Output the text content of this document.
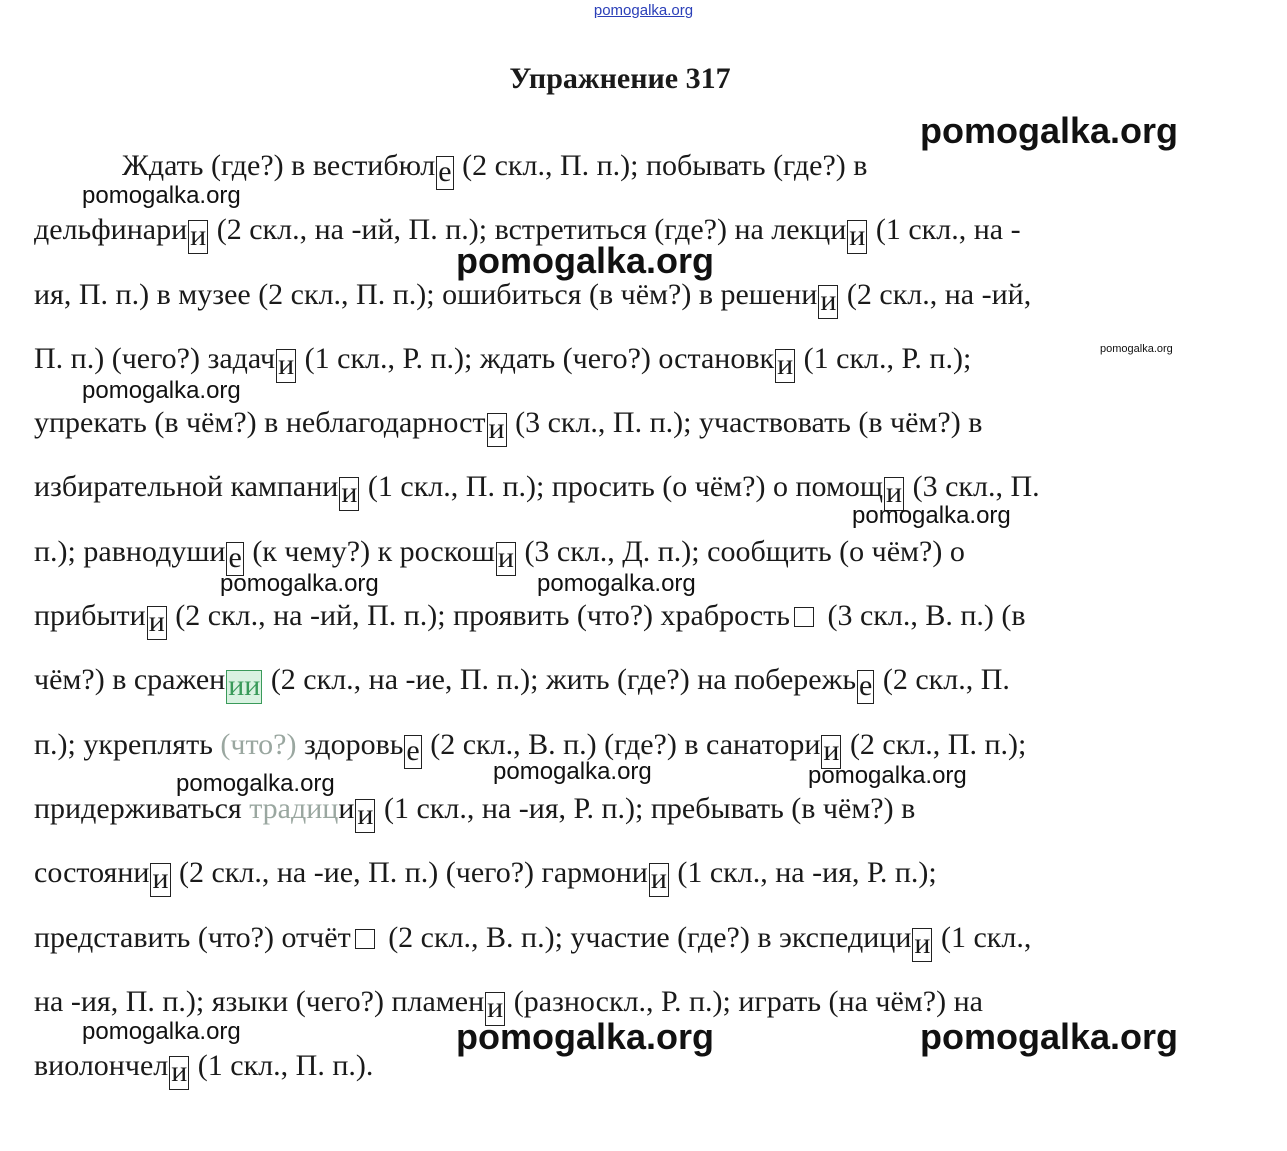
pomogalka.org
Упражнение 317
Ждать (где?) в вестибюл е (2 скл., П. п.); побывать (где?) в
дельфинари и (2 скл., на -ий, П. п.); встретиться (где?) на лекци и (1 скл., на -
ия, П. п.) в музее (2 скл., П. п.); ошибиться (в чём?) в решени и (2 скл., на -ий,
П. п.) (чего?) задач и (1 скл., Р. п.); ждать (чего?) остановк и (1 скл., Р. п.);
упрекать (в чём?) в неблагодарност и (3 скл., П. п.); участвовать (в чём?) в
избирательной кампани и (1 скл., П. п.); просить (о чём?) о помощ и (3 скл., П.
п.); равнодуши е (к чему?) к роскош и (3 скл., Д. п.); сообщить (о чём?) о
прибыти и (2 скл., на -ий, П. п.); проявить (что?) храбрость (3 скл., В. п.) (в
чём?) в сражен ии (2 скл., на -ие, П. п.); жить (где?) на побережь е (2 скл., П.
п.); укреплять (что?) здоровь е (2 скл., В. п.) (где?) в санатори и (2 скл., П. п.);
придерживаться традици и (1 скл., на -ия, Р. п.); пребывать (в чём?) в
состояни и (2 скл., на -ие, П. п.) (чего?) гармони и (1 скл., на -ия, Р. п.);
представить (что?) отчёт (2 скл., В. п.); участие (где?) в экспедици и (1 скл.,
на -ия, П. п.); языки (чего?) пламен и (разноскл., Р. п.); играть (на чём?) на
виолончел и (1 скл., П. п.).
pomogalka.org
pomogalka.org
pomogalka.org
pomogalka.org
pomogalka.org
pomogalka.org
pomogalka.org	pomogalka.org
pomogalka.org	pomogalka.org	pomogalka.org
pomogalka.org	pomogalka.org	pomogalka.org
